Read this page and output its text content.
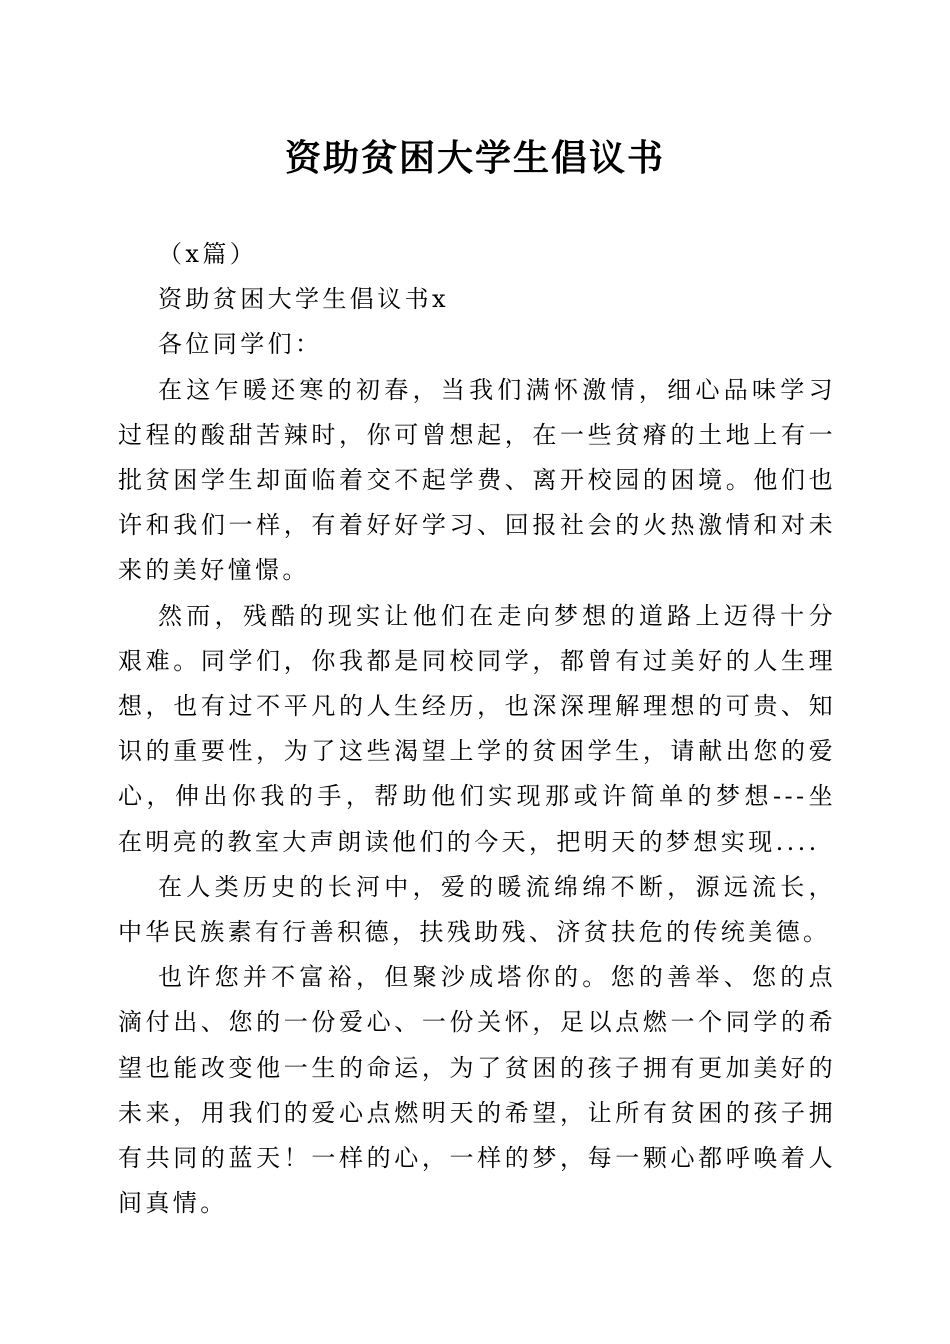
资助贫困大学生倡议书

（x篇）

资助贫困大学生倡议书x

各位同学们：

在这乍暖还寒的初春，当我们满怀激情，细心品味学习过程的酸甜苦辣时，你可曾想起，在一些贫瘠的土地上有一批贫困学生却面临着交不起学费、离开校园的困境。他们也许和我们一样，有着好好学习、回报社会的火热激情和对未来的美好憧憬。

然而，残酷的现实让他们在走向梦想的道路上迈得十分艰难。同学们，你我都是同校同学，都曾有过美好的人生理想，也有过不平凡的人生经历，也深深理解理想的可贵、知识的重要性，为了这些渴望上学的贫困学生，请献出您的爱心，伸出你我的手，帮助他们实现那或许简单的梦想---坐在明亮的教室大声朗读他们的今天，把明天的梦想实现....

在人类历史的长河中，爱的暖流绵绵不断，源远流长，中华民族素有行善积德，扶残助残、济贫扶危的传统美德。

也许您并不富裕，但聚沙成塔你的。您的善举、您的点滴付出、您的一份爱心、一份关怀，足以点燃一个同学的希望也能改变他一生的命运，为了贫困的孩子拥有更加美好的未来，用我们的爱心点燃明天的希望，让所有贫困的孩子拥有共同的蓝天！一样的心，一样的梦，每一颗心都呼唤着人间真情。
